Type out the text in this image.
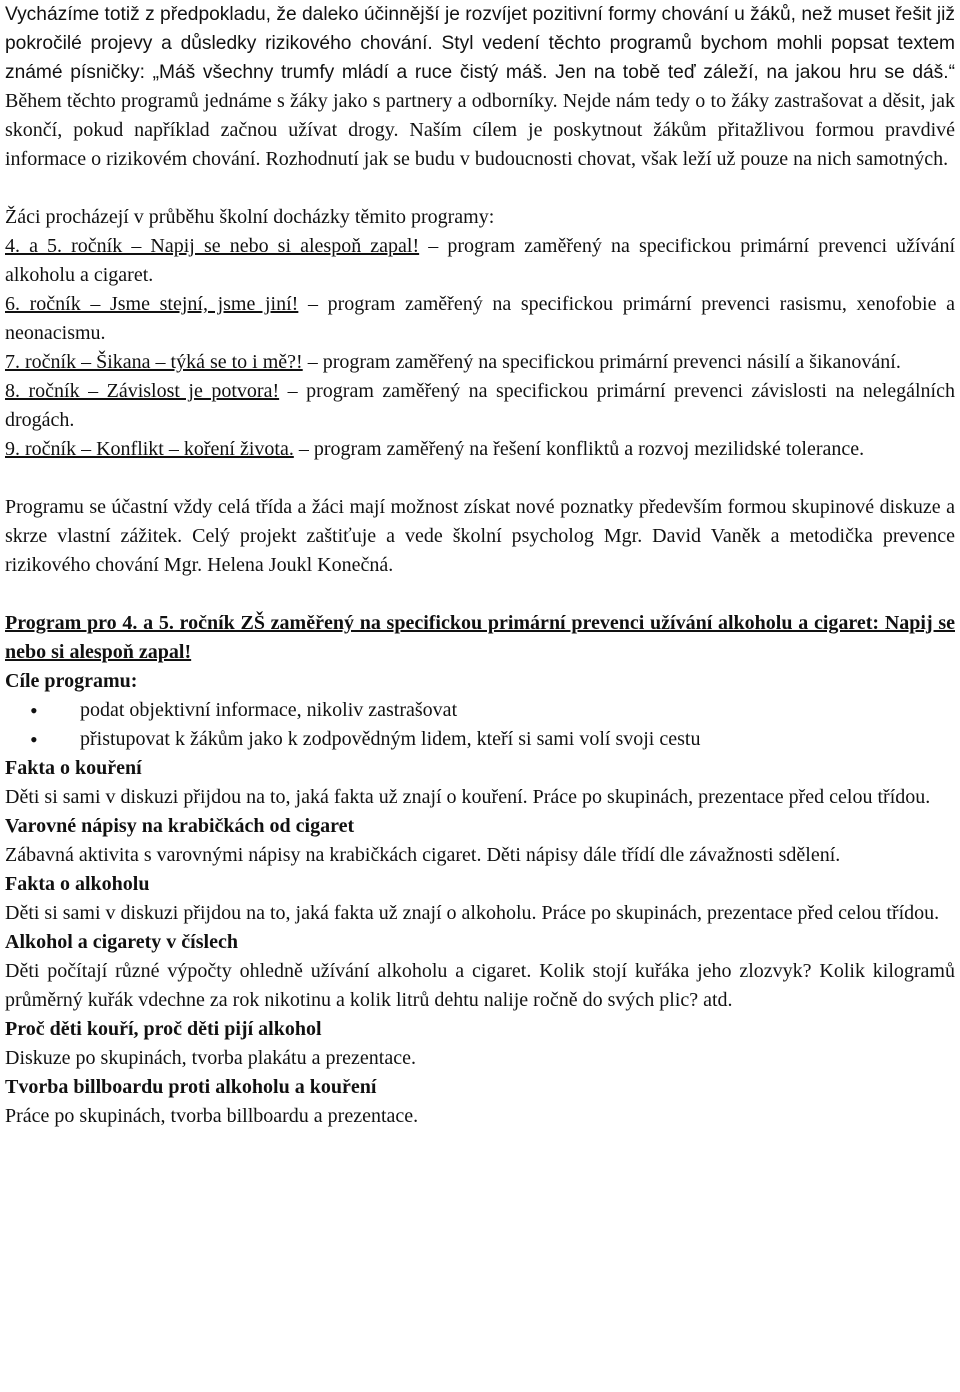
Vycházíme totiž z předpokladu, že daleko účinnější je rozvíjet pozitivní formy chování u žáků, než muset řešit již pokročilé projevy a důsledky rizikového chování. Styl vedení těchto programů bychom mohli popsat textem známé písničky: „Máš všechny trumfy mládí a ruce čistý máš. Jen na tobě teď záleží, na jakou hru se dáš.“ Během těchto programů jednáme s žáky jako s partnery a odborníky. Nejde nám tedy o to žáky zastrašovat a děsit, jak skončí, pokud například začnou užívat drogy. Naším cílem je poskytnout žákům přitažlivou formou pravdivé informace o rizikovém chování. Rozhodnutí jak se budu v budoucnosti chovat, však leží už pouze na nich samotných.

Žáci procházejí v průběhu školní docházky těmito programy:

4. a 5. ročník – Napij se nebo si alespoň zapal! – program zaměřený na specifickou primární prevenci užívání alkoholu a cigaret.

6. ročník – Jsme stejní, jsme jiní! – program zaměřený na specifickou primární prevenci rasismu, xenofobie a neonacismu.

7. ročník – Šikana – týká se to i mě?! – program zaměřený na specifickou primární prevenci násilí a šikanování.

8. ročník – Závislost je potvora! – program zaměřený na specifickou primární prevenci závislosti na nelegálních drogách.

9. ročník – Konflikt – koření života. – program zaměřený na řešení konfliktů a rozvoj mezilidské tolerance.

Programu se účastní vždy celá třída a žáci mají možnost získat nové poznatky především formou skupinové diskuze a skrze vlastní zážitek. Celý projekt zaštiťuje a vede školní psycholog Mgr. David Vaněk a metodička prevence rizikového chování Mgr. Helena Joukl Konečná.

Program pro 4. a 5. ročník ZŠ zaměřený na specifickou primární prevenci užívání alkoholu a cigaret: Napij se nebo si alespoň zapal!

Cíle programu:

• podat objektivní informace, nikoliv zastrašovat
• přistupovat k žákům jako k zodpovědným lidem, kteří si sami volí svoji cestu

Fakta o kouření

Děti si sami v diskuzi přijdou na to, jaká fakta už znají o kouření. Práce po skupinách, prezentace před celou třídou.

Varovné nápisy na krabičkách od cigaret

Zábavná aktivita s varovnými nápisy na krabičkách cigaret. Děti nápisy dále třídí dle závažnosti sdělení.

Fakta o alkoholu

Děti si sami v diskuzi přijdou na to, jaká fakta už znají o alkoholu. Práce po skupinách, prezentace před celou třídou.

Alkohol a cigarety v číslech

Děti počítají různé výpočty ohledně užívání alkoholu a cigaret. Kolik stojí kuřáka jeho zlozvyk? Kolik kilogramů průměrný kuřák vdechne za rok nikotinu a kolik litrů dehtu nalije ročně do svých plic? atd.

Proč děti kouří, proč děti pijí alkohol

Diskuze po skupinách, tvorba plakátu a prezentace.

Tvorba billboardu proti alkoholu a kouření

Práce po skupinách, tvorba billboardu a prezentace.
